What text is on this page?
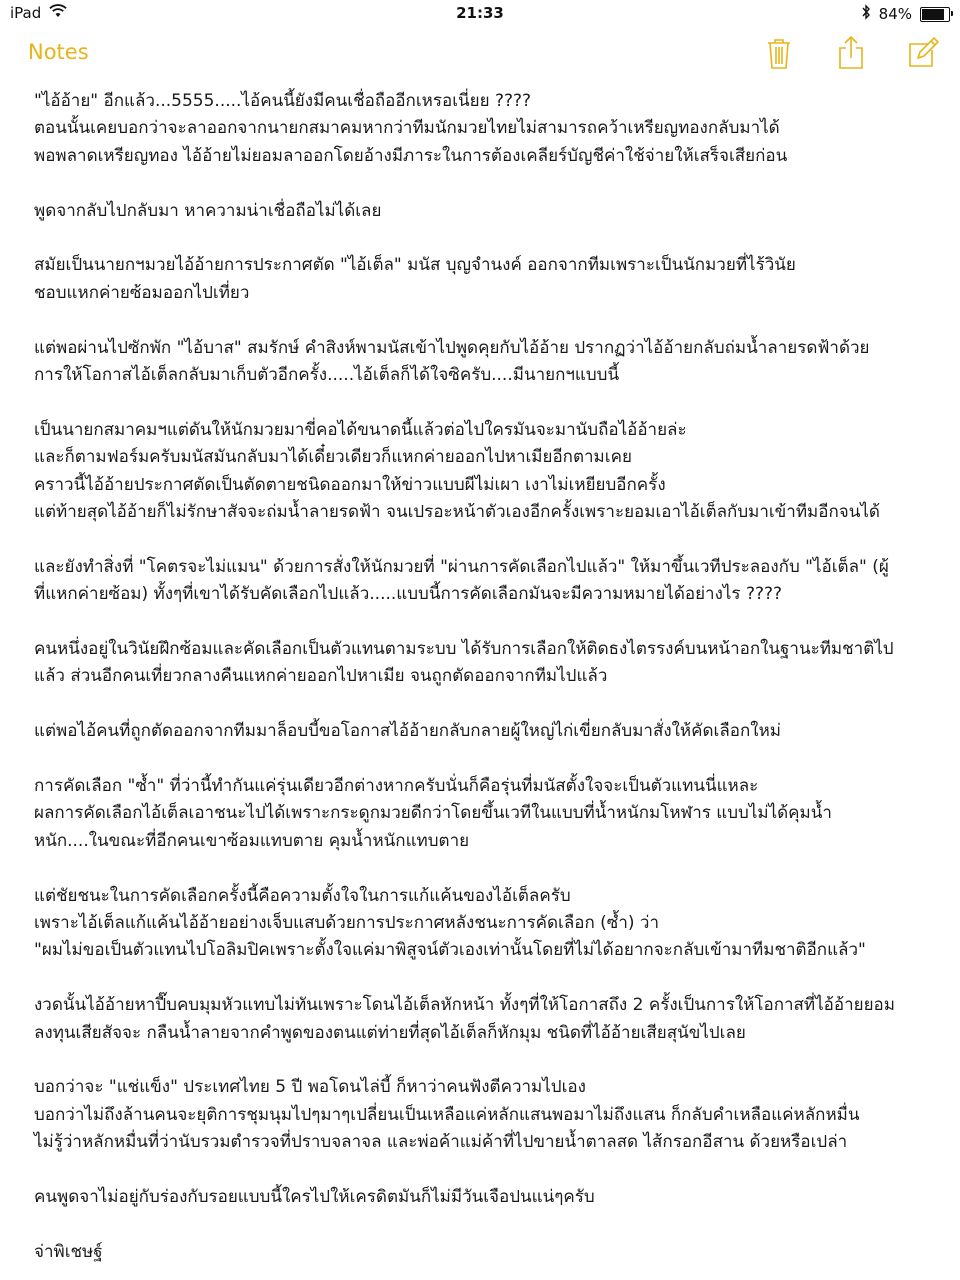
iPad	21:33	84%
Notes
"ไอ้อ้าย" อีกแล้ว...5555.....ไอ้คนนี้ยังมีคนเชื่อถืออีกเหรอเนี่ยย ????
ตอนนั้นเคยบอกว่าจะลาออกจากนายกสมาคมหากว่าทีมนักมวยไทยไม่สามารถคว้าเหรียญทองกลับมาได้
พอพลาดเหรียญทอง ไอ้อ้ายไม่ยอมลาออกโดยอ้างมีภาระในการต้องเคลียร์บัญชีค่าใช้จ่ายให้เสร็จเสียก่อน
พูดจากลับไปกลับมา หาความน่าเชื่อถือไม่ได้เลย
สมัยเป็นนายกฯมวยไอ้อ้ายการประกาศตัด "ไอ้เต็ล" มนัส บุญจำนงค์ ออกจากทีมเพราะเป็นนักมวยที่ไร้วินัย
ชอบแหกค่ายซ้อมออกไปเที่ยว
แต่พอผ่านไปซักพัก "ไอ้บาส" สมรักษ์ คำสิงห์พามนัสเข้าไปพูดคุยกับไอ้อ้าย ปรากฏว่าไอ้อ้ายกลับถ่มน้ำลายรดฟ้าด้วย
การให้โอกาสไอ้เต็ลกลับมาเก็บตัวอีกครั้ง.....ไอ้เต็ลก็ได้ใจซิครับ....มีนายกฯแบบนี้
เป็นนายกสมาคมฯแต่ดันให้นักมวยมาขี่คอได้ขนาดนี้แล้วต่อไปใครมันจะมานับถือไอ้อ้ายล่ะ
และก็ตามฟอร์มครับมนัสมันกลับมาได้เดี๋ยวเดียวก็แหกค่ายออกไปหาเมียอีกตามเคย
คราวนี้ไอ้อ้ายประกาศตัดเป็นตัดตายชนิดออกมาให้ข่าวแบบผีไม่เผา เงาไม่เหยียบอีกครั้ง
แต่ท้ายสุดไอ้อ้ายก็ไม่รักษาสัจจะถ่มน้ำลายรดฟ้า จนเปรอะหน้าตัวเองอีกครั้งเพราะยอมเอาไอ้เต็ลกับมาเข้าทีมอีกจนได้
และยังทำสิ่งที่ "โคตรจะไม่แมน" ด้วยการสั่งให้นักมวยที่ "ผ่านการคัดเลือกไปแล้ว" ให้มาขึ้นเวทีประลองกับ "ไอ้เต็ล" (ผู้
ที่แหกค่ายซ้อม) ทั้งๆที่เขาได้รับคัดเลือกไปแล้ว.....แบบนี้การคัดเลือกมันจะมีความหมายได้อย่างไร ????
คนหนึ่งอยู่ในวินัยฝึกซ้อมและคัดเลือกเป็นตัวแทนตามระบบ ได้รับการเลือกให้ติดธงไตรรงค์บนหน้าอกในฐานะทีมชาติไป
แล้ว ส่วนอีกคนเที่ยวกลางคืนแหกค่ายออกไปหาเมีย จนถูกตัดออกจากทีมไปแล้ว
แต่พอไอ้คนที่ถูกตัดออกจากทีมมาล็อบบี้ขอโอกาสไอ้อ้ายกลับกลายผู้ใหญ่ไก่เขี่ยกลับมาสั่งให้คัดเลือกใหม่
การคัดเลือก "ซ้ำ" ที่ว่านี้ทำกันแค่รุ่นเดียวอีกต่างหากครับนั่นก็คือรุ่นที่มนัสตั้งใจจะเป็นตัวแทนนี่แหละ
ผลการคัดเลือกไอ้เต็ลเอาชนะไปได้เพราะกระดูกมวยดีกว่าโดยขึ้นเวทีในแบบที่น้ำหนักมโหฬาร แบบไม่ได้คุมน้ำ
หนัก....ในขณะที่อีกคนเขาซ้อมแทบตาย คุมน้ำหนักแทบตาย
แต่ชัยชนะในการคัดเลือกครั้งนี้คือความตั้งใจในการแก้แค้นของไอ้เต็ลครับ
เพราะไอ้เต็ลแก้แค้นไอ้อ้ายอย่างเจ็บแสบด้วยการประกาศหลังชนะการคัดเลือก (ซ้ำ) ว่า
"ผมไม่ขอเป็นตัวแทนไปโอลิมปิคเพราะตั้งใจแค่มาพิสูจน์ตัวเองเท่านั้นโดยที่ไม่ได้อยากจะกลับเข้ามาทีมชาติอีกแล้ว"
งวดนั้นไอ้อ้ายหาปี๊บคบมุมหัวแทบไม่ทันเพราะโดนไอ้เต็ลหักหน้า ทั้งๆที่ให้โอกาสถึง 2 ครั้งเป็นการให้โอกาสที่ไอ้อ้ายยอม
ลงทุนเสียสัจจะ กลืนน้ำลายจากคำพูดของตนแต่ท่ายที่สุดไอ้เต็ลก็หักมุม ชนิดที่ไอ้อ้ายเสียสุนัขไปเลย
บอกว่าจะ "แช่แข็ง" ประเทศไทย 5 ปี พอโดนไล่บี้ ก็หาว่าคนฟังตีความไปเอง
บอกว่าไม่ถึงล้านคนจะยุติการชุมนุมไปๆมาๆเปลี่ยนเป็นเหลือแค่หลักแสนพอมาไม่ถึงแสน ก็กลับคำเหลือแค่หลักหมื่น
ไม่รู้ว่าหลักหมื่นที่ว่านับรวมตำรวจที่ปราบจลาจล และพ่อค้าแม่ค้าที่ไปขายน้ำตาลสด ไส้กรอกอีสาน ด้วยหรือเปล่า
คนพูดจาไม่อยู่กับร่องกับรอยแบบนี้ใครไปให้เครดิตมันก็ไม่มีวันเจือปนแน่ๆครับ
จ่าพิเชษฐ์
